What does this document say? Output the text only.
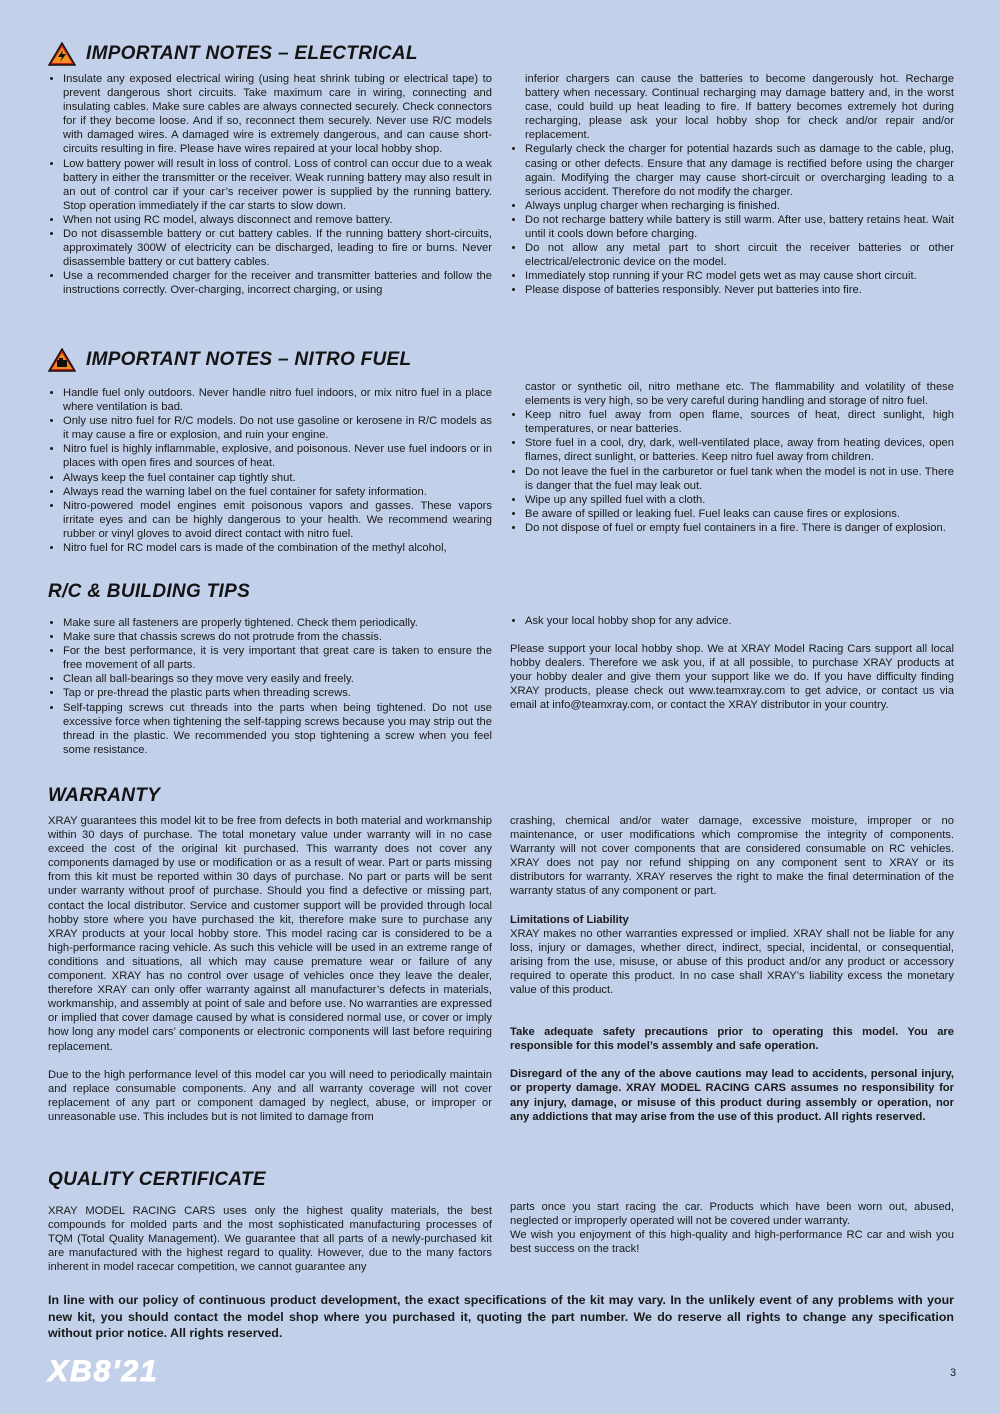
IMPORTANT NOTES – ELECTRICAL
• Insulate any exposed electrical wiring (using heat shrink tubing or electrical tape) to prevent dangerous short circuits. Take maximum care in wiring, connecting and insulating cables. Make sure cables are always connected securely. Check connectors for if they become loose. And if so, reconnect them securely. Never use R/C models with damaged wires. A damaged wire is extremely dangerous, and can cause short-circuits resulting in fire. Please have wires repaired at your local hobby shop.
• Low battery power will result in loss of control. Loss of control can occur due to a weak battery in either the transmitter or the receiver. Weak running battery may also result in an out of control car if your car’s receiver power is supplied by the running battery. Stop operation immediately if the car starts to slow down.
• When not using RC model, always disconnect and remove battery.
• Do not disassemble battery or cut battery cables. If the running battery short-circuits, approximately 300W of electricity can be discharged, leading to fire or burns. Never disassemble battery or cut battery cables.
• Use a recommended charger for the receiver and transmitter batteries and follow the instructions correctly. Over-charging, incorrect charging, or using
inferior chargers can cause the batteries to become dangerously hot. Recharge battery when necessary. Continual recharging may damage battery and, in the worst case, could build up heat leading to fire. If battery becomes extremely hot during recharging, please ask your local hobby shop for check and/or repair and/or replacement.
• Regularly check the charger for potential hazards such as damage to the cable, plug, casing or other defects. Ensure that any damage is rectified before using the charger again. Modifying the charger may cause short-circuit or overcharging leading to a serious accident. Therefore do not modify the charger.
• Always unplug charger when recharging is finished.
• Do not recharge battery while battery is still warm. After use, battery retains heat. Wait until it cools down before charging.
• Do not allow any metal part to short circuit the receiver batteries or other electrical/electronic device on the model.
• Immediately stop running if your RC model gets wet as may cause short circuit.
• Please dispose of batteries responsibly. Never put batteries into fire.
IMPORTANT NOTES – NITRO FUEL
• Handle fuel only outdoors. Never handle nitro fuel indoors, or mix nitro fuel in a place where ventilation is bad.
• Only use nitro fuel for R/C models. Do not use gasoline or kerosene in R/C models as it may cause a fire or explosion, and ruin your engine.
• Nitro fuel is highly inflammable, explosive, and poisonous. Never use fuel indoors or in places with open fires and sources of heat.
• Always keep the fuel container cap tightly shut.
• Always read the warning label on the fuel container for safety information.
• Nitro-powered model engines emit poisonous vapors and gasses. These vapors irritate eyes and can be highly dangerous to your health. We recommend wearing rubber or vinyl gloves to avoid direct contact with nitro fuel.
• Nitro fuel for RC model cars is made of the combination of the methyl alcohol,
castor or synthetic oil, nitro methane etc. The flammability and volatility of these elements is very high, so be very careful during handling and storage of nitro fuel.
• Keep nitro fuel away from open flame, sources of heat, direct sunlight, high temperatures, or near batteries.
• Store fuel in a cool, dry, dark, well-ventilated place, away from heating devices, open flames, direct sunlight, or batteries. Keep nitro fuel away from children.
• Do not leave the fuel in the carburetor or fuel tank when the model is not in use. There is danger that the fuel may leak out.
• Wipe up any spilled fuel with a cloth.
• Be aware of spilled or leaking fuel. Fuel leaks can cause fires or explosions.
• Do not dispose of fuel or empty fuel containers in a fire. There is danger of explosion.
R/C & BUILDING TIPS
• Make sure all fasteners are properly tightened. Check them periodically.
• Make sure that chassis screws do not protrude from the chassis.
• For the best performance, it is very important that great care is taken to ensure the free movement of all parts.
• Clean all ball-bearings so they move very easily and freely.
• Tap or pre-thread the plastic parts when threading screws.
• Self-tapping screws cut threads into the parts when being tightened. Do not use excessive force when tightening the self-tapping screws because you may strip out the thread in the plastic. We recommended you stop tightening a screw when you feel some resistance.
• Ask your local hobby shop for any advice.

Please support your local hobby shop. We at XRAY Model Racing Cars support all local hobby dealers. Therefore we ask you, if at all possible, to purchase XRAY products at your hobby dealer and give them your support like we do. If you have difficulty finding XRAY products, please check out www.teamxray.com to get advice, or contact us via email at info@teamxray.com, or contact the XRAY distributor in your country.

WARRANTY

XRAY guarantees this model kit to be free from defects in both material and workmanship within 30 days of purchase. The total monetary value under warranty will in no case exceed the cost of the original kit purchased. This warranty does not cover any components damaged by use or modification or as a result of wear. Part or parts missing from this kit must be reported within 30 days of purchase. No part or parts will be sent under warranty without proof of purchase. Should you find a defective or missing part, contact the local distributor. Service and customer support will be provided through local hobby store where you have purchased the kit, therefore make sure to purchase any XRAY products at your local hobby store. This model racing car is considered to be a high-performance racing vehicle. As such this vehicle will be used in an extreme range of conditions and situations, all which may cause premature wear or failure of any component. XRAY has no control over usage of vehicles once they leave the dealer, therefore XRAY can only offer warranty against all manufacturer’s defects in materials, workmanship, and assembly at point of sale and before use. No warranties are expressed or implied that cover damage caused by what is considered normal use, or cover or imply how long any model cars’ components or electronic components will last before requiring replacement.

Due to the high performance level of this model car you will need to periodically maintain and replace consumable components. Any and all warranty coverage will not cover replacement of any part or component damaged by neglect, abuse, or improper or unreasonable use. This includes but is not limited to damage from

crashing, chemical and/or water damage, excessive moisture, improper or no maintenance, or user modifications which compromise the integrity of components. Warranty will not cover components that are considered consumable on RC vehicles. XRAY does not pay nor refund shipping on any component sent to XRAY or its distributors for warranty. XRAY reserves the right to make the final determination of the warranty status of any component or part.

Limitations of Liability

XRAY makes no other warranties expressed or implied. XRAY shall not be liable for any loss, injury or damages, whether direct, indirect, special, incidental, or consequential, arising from the use, misuse, or abuse of this product and/or any product or accessory required to operate this product. In no case shall XRAY’s liability excess the monetary value of this product.

Take adequate safety precautions prior to operating this model. You are responsible for this model’s assembly and safe operation.

Disregard of the any of the above cautions may lead to accidents, personal injury, or property damage. XRAY MODEL RACING CARS assumes no responsibility for any injury, damage, or misuse of this product during assembly or operation, nor any addictions that may arise from the use of this product. All rights reserved.

QUALITY CERTIFICATE

XRAY MODEL RACING CARS uses only the highest quality materials, the best compounds for molded parts and the most sophisticated manufacturing processes of TQM (Total Quality Management). We guarantee that all parts of a newly-purchased kit are manufactured with the highest regard to quality. However, due to the many factors inherent in model racecar competition, we cannot guarantee any

parts once you start racing the car. Products which have been worn out, abused, neglected or improperly operated will not be covered under warranty.

We wish you enjoyment of this high-quality and high-performance RC car and wish you best success on the track!

In line with our policy of continuous product development, the exact specifications of the kit may vary. In the unlikely event of any problems with your new kit, you should contact the model shop where you purchased it, quoting the part number. We do reserve all rights to change any specification without prior notice. All rights reserved.
XB8'21	3
